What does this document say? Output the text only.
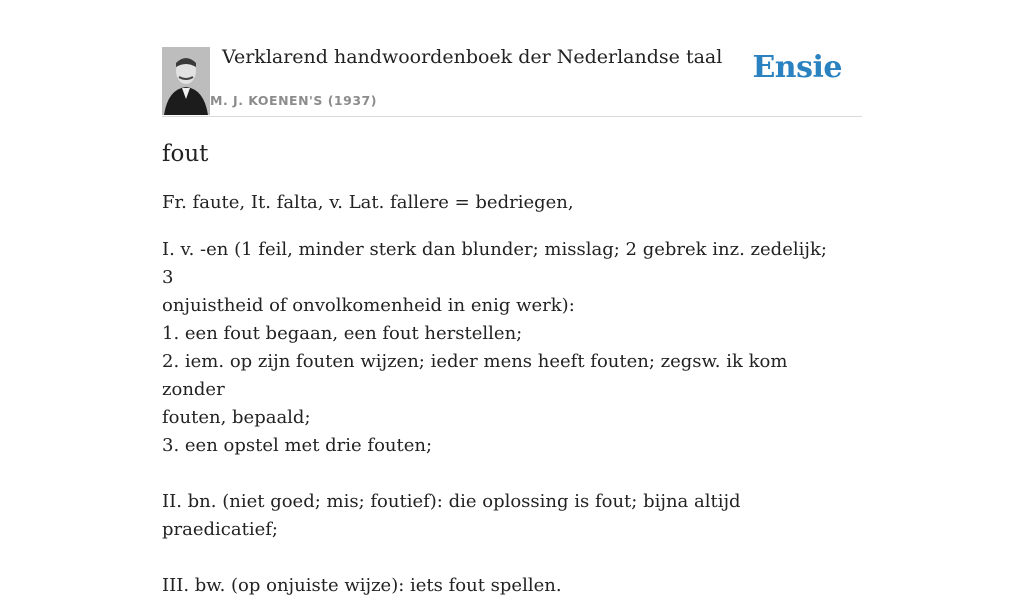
Verklarend handwoordenboek der Nederlandse taal
M. J. KOENEN'S (1937)
Ensie
fout

Fr. faute, It. falta, v. Lat. fallere = bedriegen,

I. v. -en (1 feil, minder sterk dan blunder; misslag; 2 gebrek inz. zedelijk; 3
onjuistheid of onvolkomenheid in enig werk):
1. een fout begaan, een fout herstellen;
2. iem. op zijn fouten wijzen; ieder mens heeft fouten; zegsw. ik kom zonder
fouten, bepaald;
3. een opstel met drie fouten;
II. bn. (niet goed; mis; foutief): die oplossing is fout; bijna altijd praedicatief;
III. bw. (op onjuiste wijze): iets fout spellen.
